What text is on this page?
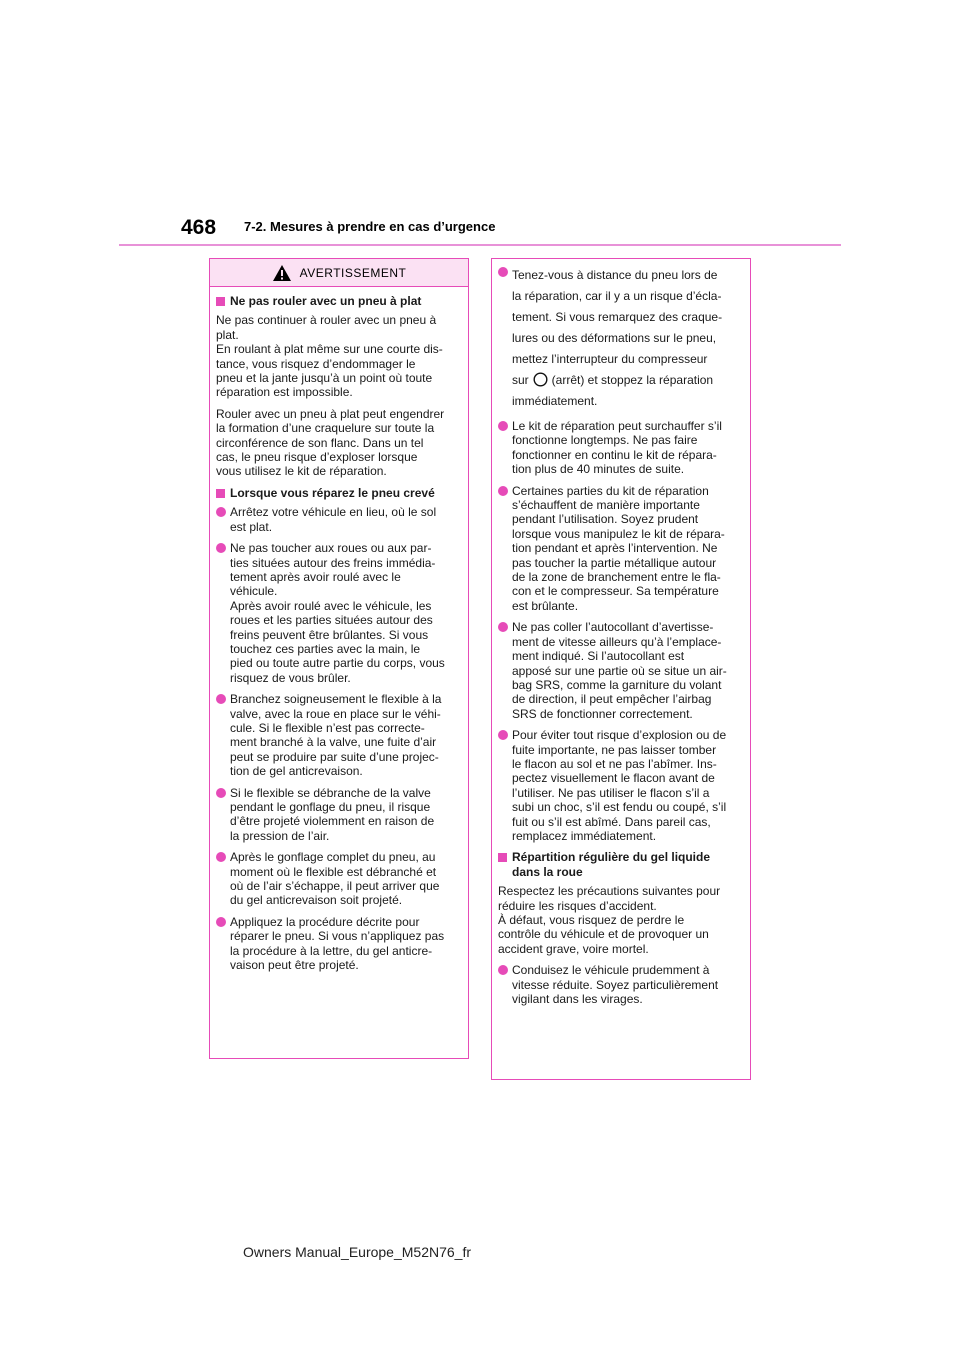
468 7-2. Mesures à prendre en cas d’urgence
AVERTISSEMENT
Ne pas rouler avec un pneu à plat
Ne pas continuer à rouler avec un pneu à
plat.
En roulant à plat même sur une courte dis-
tance, vous risquez d’endommager le
pneu et la jante jusqu’à un point où toute
réparation est impossible.
Rouler avec un pneu à plat peut engendrer
la formation d’une craquelure sur toute la
circonférence de son flanc. Dans un tel
cas, le pneu risque d’exploser lorsque
vous utilisez le kit de réparation.
Lorsque vous réparez le pneu crevé
Arrêtez votre véhicule en lieu, où le sol
est plat.
Ne pas toucher aux roues ou aux par-
ties situées autour des freins immédia-
tement après avoir roulé avec le
véhicule.
Après avoir roulé avec le véhicule, les
roues et les parties situées autour des
freins peuvent être brûlantes. Si vous
touchez ces parties avec la main, le
pied ou toute autre partie du corps, vous
risquez de vous brûler.
Branchez soigneusement le flexible à la
valve, avec la roue en place sur le véhi-
cule. Si le flexible n’est pas correcte-
ment branché à la valve, une fuite d’air
peut se produire par suite d’une projec-
tion de gel anticrevaison.
Si le flexible se débranche de la valve
pendant le gonflage du pneu, il risque
d’être projeté violemment en raison de
la pression de l’air.
Après le gonflage complet du pneu, au
moment où le flexible est débranché et
où de l’air s’échappe, il peut arriver que
du gel anticrevaison soit projeté.
Appliquez la procédure décrite pour
réparer le pneu. Si vous n’appliquez pas
la procédure à la lettre, du gel anticre-
vaison peut être projeté.
Tenez-vous à distance du pneu lors de
la réparation, car il y a un risque d’écla-
tement. Si vous remarquez des craque-
lures ou des déformations sur le pneu,
mettez l’interrupteur du compresseur
sur (arrêt) et stoppez la réparation
immédiatement.
Le kit de réparation peut surchauffer s’il
fonctionne longtemps. Ne pas faire
fonctionner en continu le kit de répara-
tion plus de 40 minutes de suite.
Certaines parties du kit de réparation
s’échauffent de manière importante
pendant l’utilisation. Soyez prudent
lorsque vous manipulez le kit de répara-
tion pendant et après l’intervention. Ne
pas toucher la partie métallique autour
de la zone de branchement entre le fla-
con et le compresseur. Sa température
est brûlante.
Ne pas coller l’autocollant d’avertisse-
ment de vitesse ailleurs qu’à l’emplace-
ment indiqué. Si l’autocollant est
apposé sur une partie où se situe un air-
bag SRS, comme la garniture du volant
de direction, il peut empêcher l’airbag
SRS de fonctionner correctement.
Pour éviter tout risque d’explosion ou de
fuite importante, ne pas laisser tomber
le flacon au sol et ne pas l’abîmer. Ins-
pectez visuellement le flacon avant de
l’utiliser. Ne pas utiliser le flacon s’il a
subi un choc, s’il est fendu ou coupé, s’il
fuit ou s’il est abîmé. Dans pareil cas,
remplacez immédiatement.
Répartition régulière du gel liquide
dans la roue
Respectez les précautions suivantes pour
réduire les risques d’accident.
À défaut, vous risquez de perdre le
contrôle du véhicule et de provoquer un
accident grave, voire mortel.
Conduisez le véhicule prudemment à
vitesse réduite. Soyez particulièrement
vigilant dans les virages.
Owners Manual_Europe_M52N76_fr
